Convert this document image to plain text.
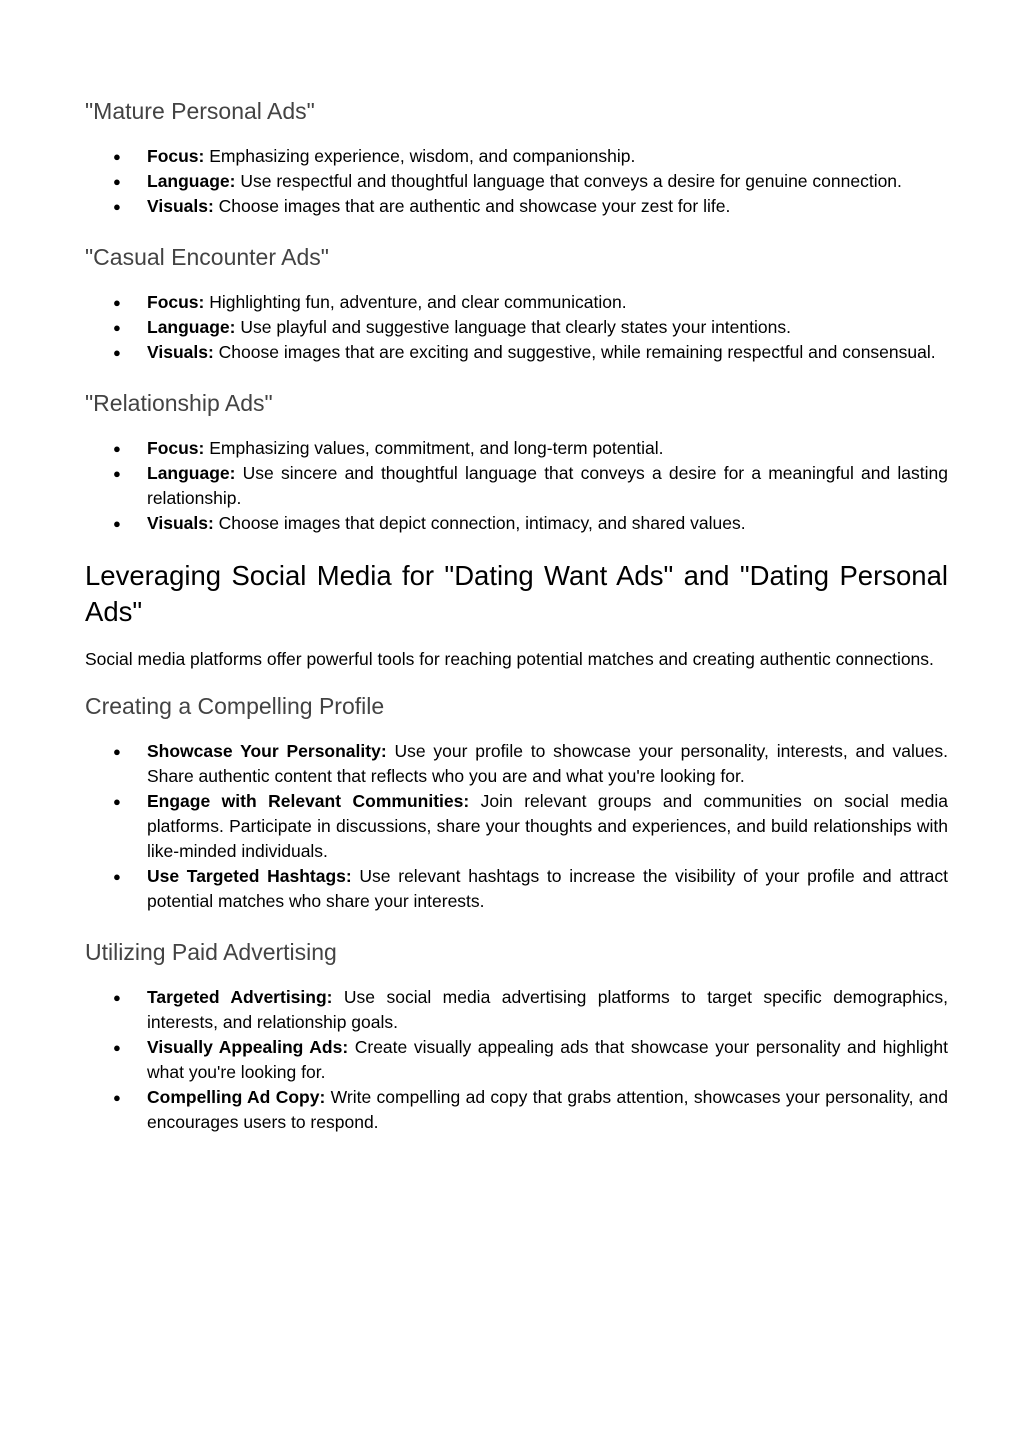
"Mature Personal Ads"
● Focus: Emphasizing experience, wisdom, and companionship.
● Language: Use respectful and thoughtful language that conveys a desire for genuine connection.
● Visuals: Choose images that are authentic and showcase your zest for life.
"Casual Encounter Ads"
● Focus: Highlighting fun, adventure, and clear communication.
● Language: Use playful and suggestive language that clearly states your intentions.
● Visuals: Choose images that are exciting and suggestive, while remaining respectful and consensual.
"Relationship Ads"
● Focus: Emphasizing values, commitment, and long-term potential.
● Language: Use sincere and thoughtful language that conveys a desire for a meaningful and lasting relationship.
● Visuals: Choose images that depict connection, intimacy, and shared values.
Leveraging Social Media for "Dating Want Ads" and "Dating Personal Ads"

Social media platforms offer powerful tools for reaching potential matches and creating authentic connections.

Creating a Compelling Profile
● Showcase Your Personality: Use your profile to showcase your personality, interests, and values. Share authentic content that reflects who you are and what you're looking for.
● Engage with Relevant Communities: Join relevant groups and communities on social media platforms. Participate in discussions, share your thoughts and experiences, and build relationships with like-minded individuals.
● Use Targeted Hashtags: Use relevant hashtags to increase the visibility of your profile and attract potential matches who share your interests.
Utilizing Paid Advertising
● Targeted Advertising: Use social media advertising platforms to target specific demographics, interests, and relationship goals.
● Visually Appealing Ads: Create visually appealing ads that showcase your personality and highlight what you're looking for.
● Compelling Ad Copy: Write compelling ad copy that grabs attention, showcases your personality, and encourages users to respond.
